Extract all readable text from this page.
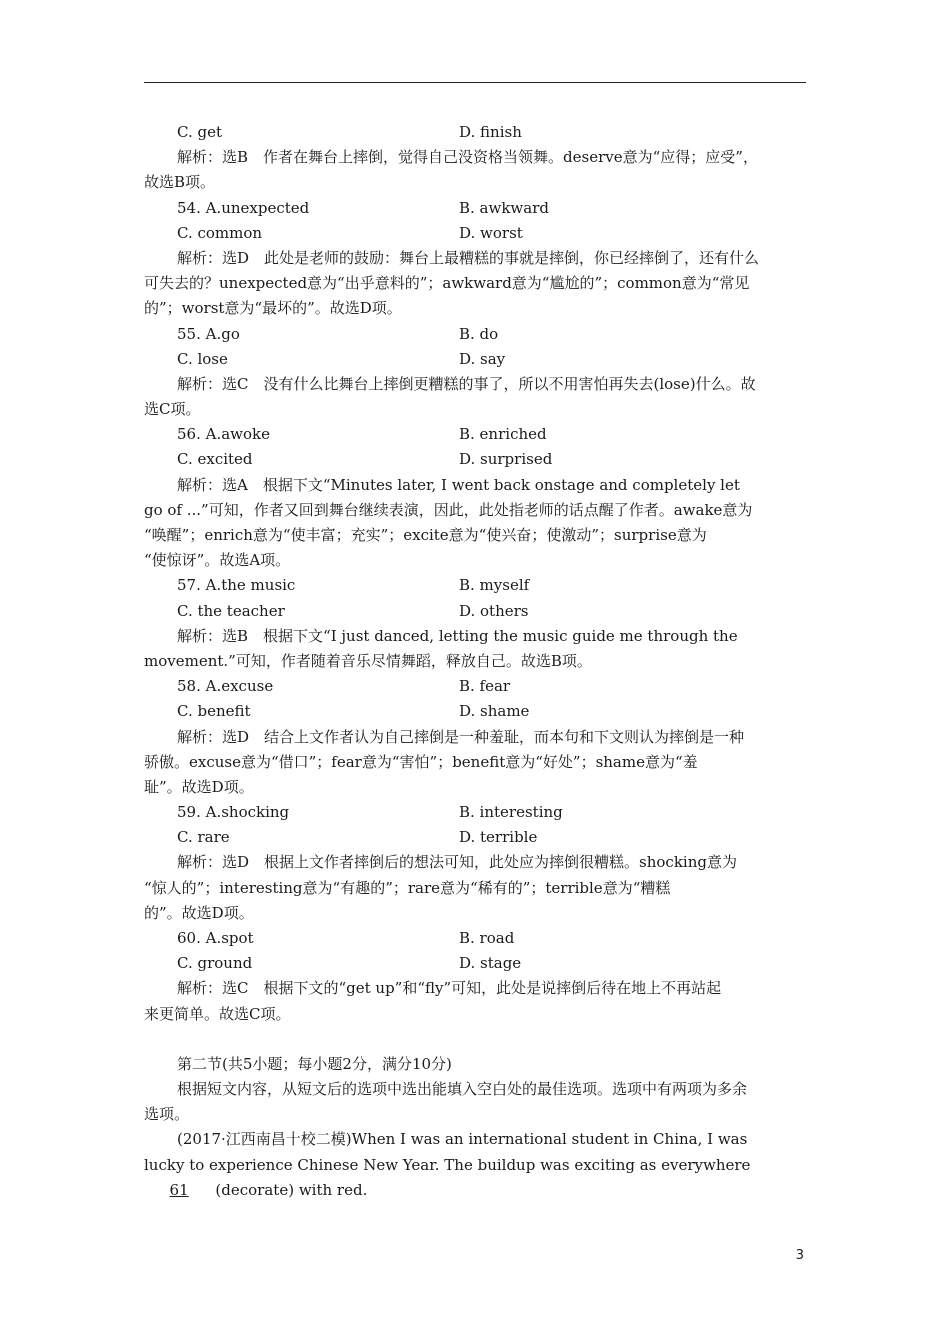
C. get	D. finish
解析：选B　作者在舞台上摔倒，觉得自己没资格当领舞。deserve意为“应得；应受”，
故选B项。
54. A.unexpected	B. awkward
C. common	D. worst
解析：选D　此处是老师的鼓励：舞台上最糟糕的事就是摔倒，你已经摔倒了，还有什么
可失去的？unexpected意为“出乎意料的”；awkward意为“尴尬的”；common意为“常见
的”；worst意为“最坏的”。故选D项。
55. A.go	B. do
C. lose	D. say
解析：选C　没有什么比舞台上摔倒更糟糕的事了，所以不用害怕再失去(lose)什么。故
选C项。
56. A.awoke	B. enriched
C. excited	D. surprised
解析：选A　根据下文“Minutes later, I went back onstage and completely let
go of ...”可知，作者又回到舞台继续表演，因此，此处指老师的话点醒了作者。awake意为
“唤醒”；enrich意为“使丰富；充实”；excite意为“使兴奋；使激动”；surprise意为
“使惊讶”。故选A项。
57. A.the music	B. myself
C. the teacher	D. others
解析：选B　根据下文“I just danced, letting the music guide me through the
movement.”可知，作者随着音乐尽情舞蹈，释放自己。故选B项。
58. A.excuse	B. fear
C. benefit	D. shame
解析：选D　结合上文作者认为自己摔倒是一种羞耻，而本句和下文则认为摔倒是一种
骄傲。excuse意为“借口”；fear意为“害怕”；benefit意为“好处”；shame意为“羞
耻”。故选D项。
59. A.shocking	B. interesting
C. rare	D. terrible
解析：选D　根据上文作者摔倒后的想法可知，此处应为摔倒很糟糕。shocking意为
“惊人的”；interesting意为“有趣的”；rare意为“稀有的”；terrible意为“糟糕
的”。故选D项。
60. A.spot	B. road
C. ground	D. stage
解析：选C　根据下文的“get up”和“fly”可知，此处是说摔倒后待在地上不再站起
来更简单。故选C项。
第二节(共5小题；每小题2分，满分10分)
根据短文内容，从短文后的选项中选出能填入空白处的最佳选项。选项中有两项为多余
选项。
(2017·江西南昌十校二模)When I was an international student in China, I was
lucky to experience Chinese New Year. The buildup was exciting as everywhere
61 (decorate) with red.
3
